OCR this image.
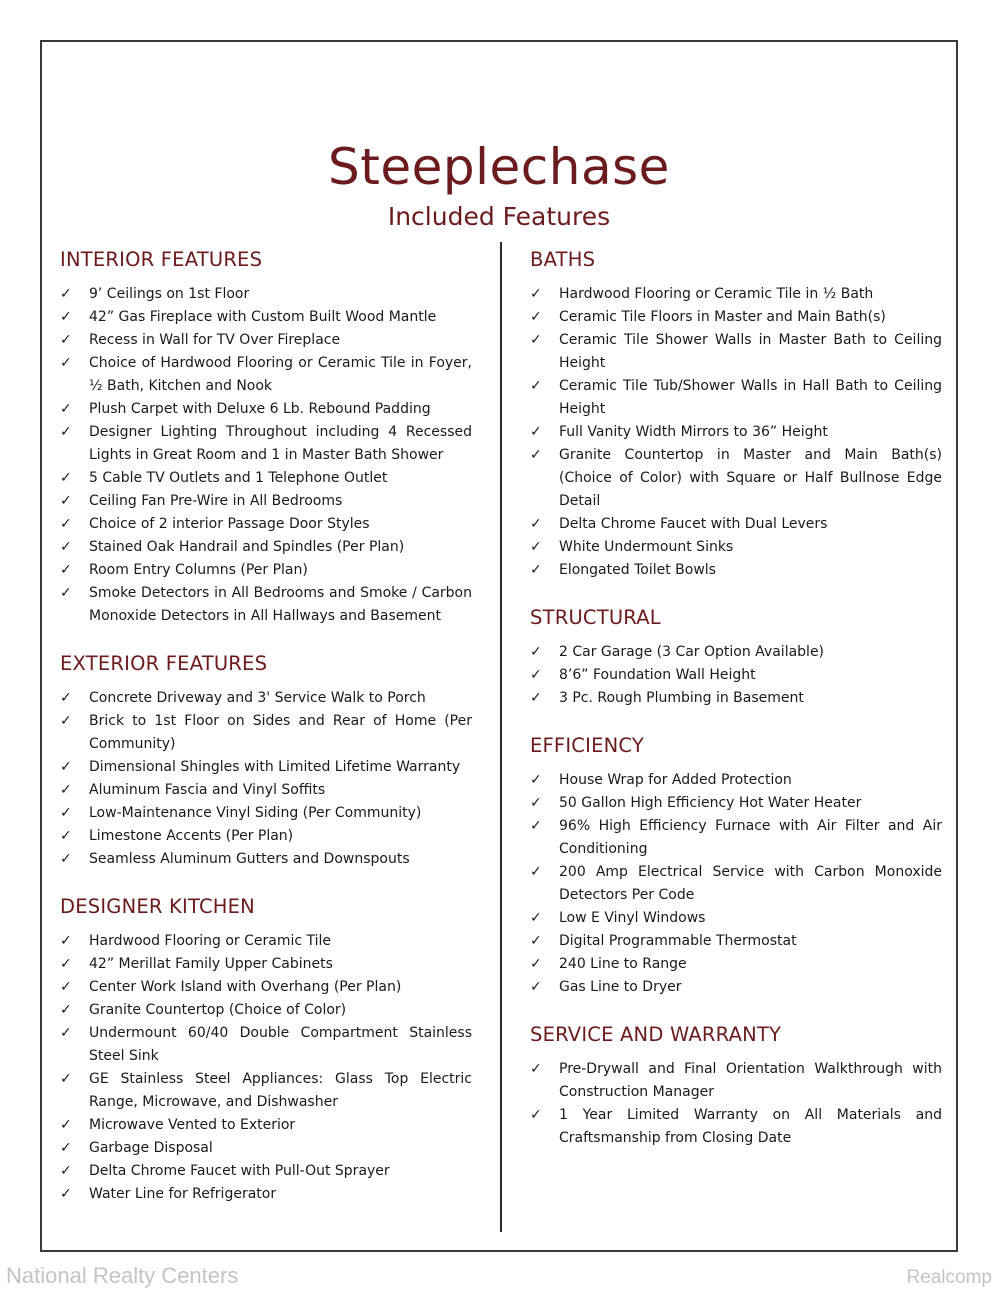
Steeplechase
Included Features
INTERIOR FEATURES
✓ 9’ Ceilings on 1st Floor
✓ 42” Gas Fireplace with Custom Built Wood Mantle
✓ Recess in Wall for TV Over Fireplace
✓ Choice of Hardwood Flooring or Ceramic Tile in Foyer, ½ Bath, Kitchen and Nook
✓ Plush Carpet with Deluxe 6 Lb. Rebound Padding
✓ Designer Lighting Throughout including 4 Recessed Lights in Great Room and 1 in Master Bath Shower
✓ 5 Cable TV Outlets and 1 Telephone Outlet
✓ Ceiling Fan Pre-Wire in All Bedrooms
✓ Choice of 2 interior Passage Door Styles
✓ Stained Oak Handrail and Spindles (Per Plan)
✓ Room Entry Columns (Per Plan)
✓ Smoke Detectors in All Bedrooms and Smoke / Carbon Monoxide Detectors in All Hallways and Basement
EXTERIOR FEATURES
✓ Concrete Driveway and 3' Service Walk to Porch
✓ Brick to 1st Floor on Sides and Rear of Home (Per Community)
✓ Dimensional Shingles with Limited Lifetime Warranty
✓ Aluminum Fascia and Vinyl Soffits
✓ Low-Maintenance Vinyl Siding (Per Community)
✓ Limestone Accents (Per Plan)
✓ Seamless Aluminum Gutters and Downspouts
DESIGNER KITCHEN
✓ Hardwood Flooring or Ceramic Tile
✓ 42” Merillat Family Upper Cabinets
✓ Center Work Island with Overhang (Per Plan)
✓ Granite Countertop (Choice of Color)
✓ Undermount 60/40 Double Compartment Stainless Steel Sink
✓ GE Stainless Steel Appliances: Glass Top Electric Range, Microwave, and Dishwasher
✓ Microwave Vented to Exterior
✓ Garbage Disposal
✓ Delta Chrome Faucet with Pull-Out Sprayer
✓ Water Line for Refrigerator
BATHS
✓ Hardwood Flooring or Ceramic Tile in ½ Bath
✓ Ceramic Tile Floors in Master and Main Bath(s)
✓ Ceramic Tile Shower Walls in Master Bath to Ceiling Height
✓ Ceramic Tile Tub/Shower Walls in Hall Bath to Ceiling Height
✓ Full Vanity Width Mirrors to 36” Height
✓ Granite Countertop in Master and Main Bath(s) (Choice of Color) with Square or Half Bullnose Edge Detail
✓ Delta Chrome Faucet with Dual Levers
✓ White Undermount Sinks
✓ Elongated Toilet Bowls
STRUCTURAL
✓ 2 Car Garage (3 Car Option Available)
✓ 8’6” Foundation Wall Height
✓ 3 Pc. Rough Plumbing in Basement
EFFICIENCY
✓ House Wrap for Added Protection
✓ 50 Gallon High Efficiency Hot Water Heater
✓ 96% High Efficiency Furnace with Air Filter and Air Conditioning
✓ 200 Amp Electrical Service with Carbon Monoxide Detectors Per Code
✓ Low E Vinyl Windows
✓ Digital Programmable Thermostat
✓ 240 Line to Range
✓ Gas Line to Dryer
SERVICE AND WARRANTY
✓ Pre-Drywall and Final Orientation Walkthrough with Construction Manager
✓ 1 Year Limited Warranty on All Materials and Craftsmanship from Closing Date
National Realty Centers	Realcomp
